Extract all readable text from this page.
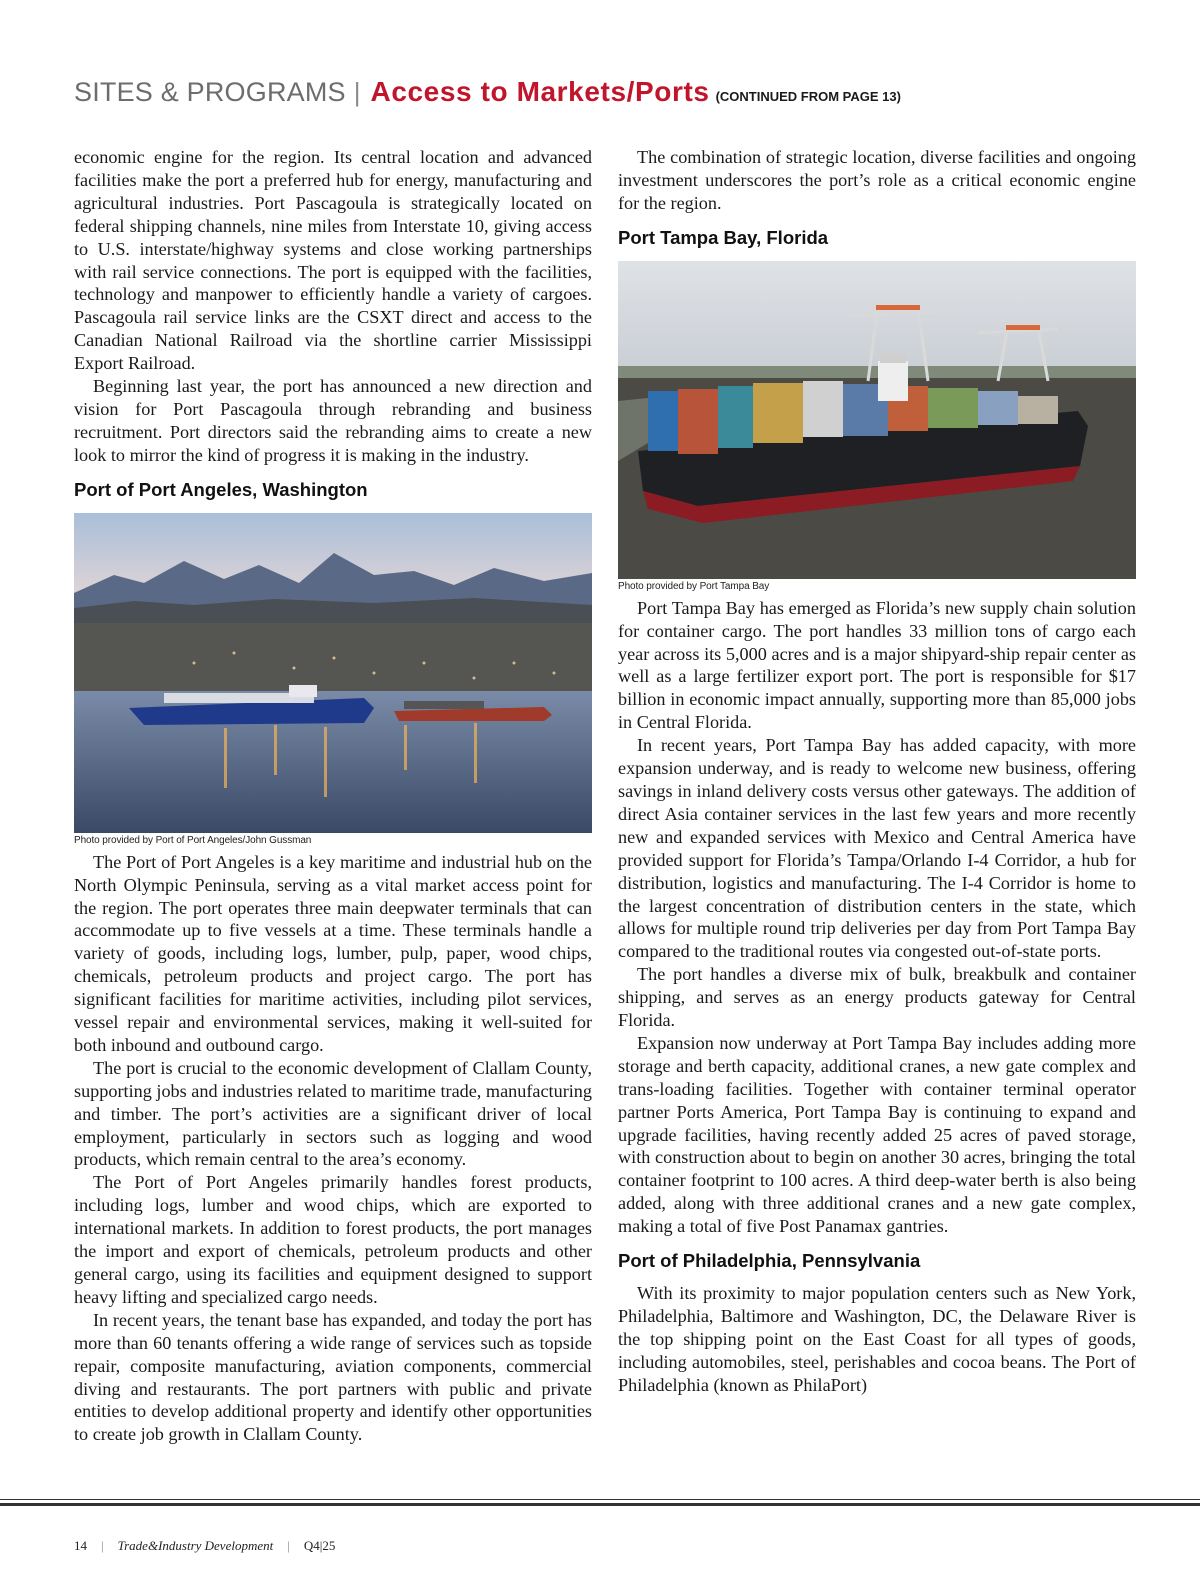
SITES & PROGRAMS | Access to Markets/Ports (CONTINUED FROM PAGE 13)

economic engine for the region. Its central location and advanced facilities make the port a preferred hub for energy, manufacturing and agricultural industries. Port Pascagoula is strategically located on federal shipping channels, nine miles from Interstate 10, giving access to U.S. interstate/highway systems and close working partnerships with rail service connections. The port is equipped with the facilities, technology and manpower to efficiently handle a variety of cargoes. Pascagoula rail service links are the CSXT direct and access to the Canadian National Railroad via the shortline carrier Mississippi Export Railroad.

Beginning last year, the port has announced a new direction and vision for Port Pascagoula through rebranding and business recruitment. Port directors said the rebranding aims to create a new look to mirror the kind of progress it is making in the industry.

Port of Port Angeles, Washington

Photo provided by Port of Port Angeles/John Gussman

The Port of Port Angeles is a key maritime and industrial hub on the North Olympic Peninsula, serving as a vital market access point for the region. The port operates three main deepwater terminals that can accommodate up to five vessels at a time. These terminals handle a variety of goods, including logs, lumber, pulp, paper, wood chips, chemicals, petroleum products and project cargo. The port has significant facilities for maritime activities, including pilot services, vessel repair and environmental services, making it well-suited for both inbound and outbound cargo.

The port is crucial to the economic development of Clallam County, supporting jobs and industries related to maritime trade, manufacturing and timber. The port’s activities are a significant driver of local employment, particularly in sectors such as logging and wood products, which remain central to the area’s economy.

The Port of Port Angeles primarily handles forest products, including logs, lumber and wood chips, which are exported to international markets. In addition to forest products, the port manages the import and export of chemicals, petroleum products and other general cargo, using its facilities and equipment designed to support heavy lifting and specialized cargo needs.

In recent years, the tenant base has expanded, and today the port has more than 60 tenants offering a wide range of services such as topside repair, composite manufacturing, aviation components, commercial diving and restaurants. The port partners with public and private entities to develop additional property and identify other opportunities to create job growth in Clallam County.

The combination of strategic location, diverse facilities and ongoing investment underscores the port’s role as a critical economic engine for the region.

Port Tampa Bay, Florida

Photo provided by Port Tampa Bay

Port Tampa Bay has emerged as Florida’s new supply chain solution for container cargo. The port handles 33 million tons of cargo each year across its 5,000 acres and is a major shipyard-ship repair center as well as a large fertilizer export port. The port is responsible for $17 billion in economic impact annually, supporting more than 85,000 jobs in Central Florida.

In recent years, Port Tampa Bay has added capacity, with more expansion underway, and is ready to welcome new business, offering savings in inland delivery costs versus other gateways. The addition of direct Asia container services in the last few years and more recently new and expanded services with Mexico and Central America have provided support for Florida’s Tampa/Orlando I-4 Corridor, a hub for distribution, logistics and manufacturing. The I-4 Corridor is home to the largest concentration of distribution centers in the state, which allows for multiple round trip deliveries per day from Port Tampa Bay compared to the traditional routes via congested out-of-state ports.

The port handles a diverse mix of bulk, breakbulk and container shipping, and serves as an energy products gateway for Central Florida.

Expansion now underway at Port Tampa Bay includes adding more storage and berth capacity, additional cranes, a new gate complex and trans-loading facilities. Together with container terminal operator partner Ports America, Port Tampa Bay is continuing to expand and upgrade facilities, having recently added 25 acres of paved storage, with construction about to begin on another 30 acres, bringing the total container footprint to 100 acres. A third deep-water berth is also being added, along with three additional cranes and a new gate complex, making a total of five Post Panamax gantries.

Port of Philadelphia, Pennsylvania

With its proximity to major population centers such as New York, Philadelphia, Baltimore and Washington, DC, the Delaware River is the top shipping point on the East Coast for all types of goods, including automobiles, steel, perishables and cocoa beans. The Port of Philadelphia (known as PhilaPort)

14 | Trade&Industry Development | Q4|25
